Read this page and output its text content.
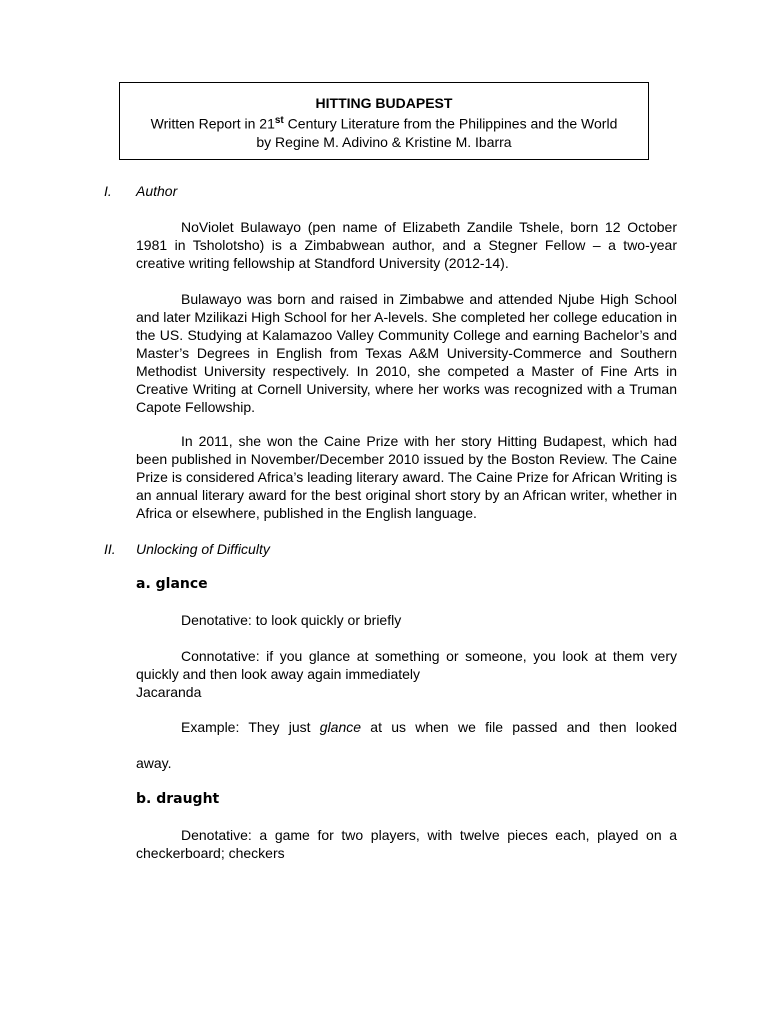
HITTING BUDAPEST
Written Report in 21st Century Literature from the Philippines and the World
by Regine M. Adivino & Kristine M. Ibarra
I. Author
NoViolet Bulawayo (pen name of Elizabeth Zandile Tshele, born 12 October 1981 in Tsholotsho) is a Zimbabwean author, and a Stegner Fellow – a two-year creative writing fellowship at Standford University (2012-14).
Bulawayo was born and raised in Zimbabwe and attended Njube High School and later Mzilikazi High School for her A-levels. She completed her college education in the US. Studying at Kalamazoo Valley Community College and earning Bachelor’s and Master’s Degrees in English from Texas A&M University-Commerce and Southern Methodist University respectively. In 2010, she competed a Master of Fine Arts in Creative Writing at Cornell University, where her works was recognized with a Truman Capote Fellowship.
In 2011, she won the Caine Prize with her story Hitting Budapest, which had been published in November/December 2010 issued by the Boston Review. The Caine Prize is considered Africa’s leading literary award. The Caine Prize for African Writing is an annual literary award for the best original short story by an African writer, whether in Africa or elsewhere, published in the English language.
II. Unlocking of Difficulty
a. glance
Denotative: to look quickly or briefly
Connotative: if you glance at something or someone, you look at them very quickly and then look away again immediately
Jacaranda
Example: They just glance at us when we file passed and then looked
away.
b. draught
Denotative: a game for two players, with twelve pieces each, played on a checkerboard; checkers
